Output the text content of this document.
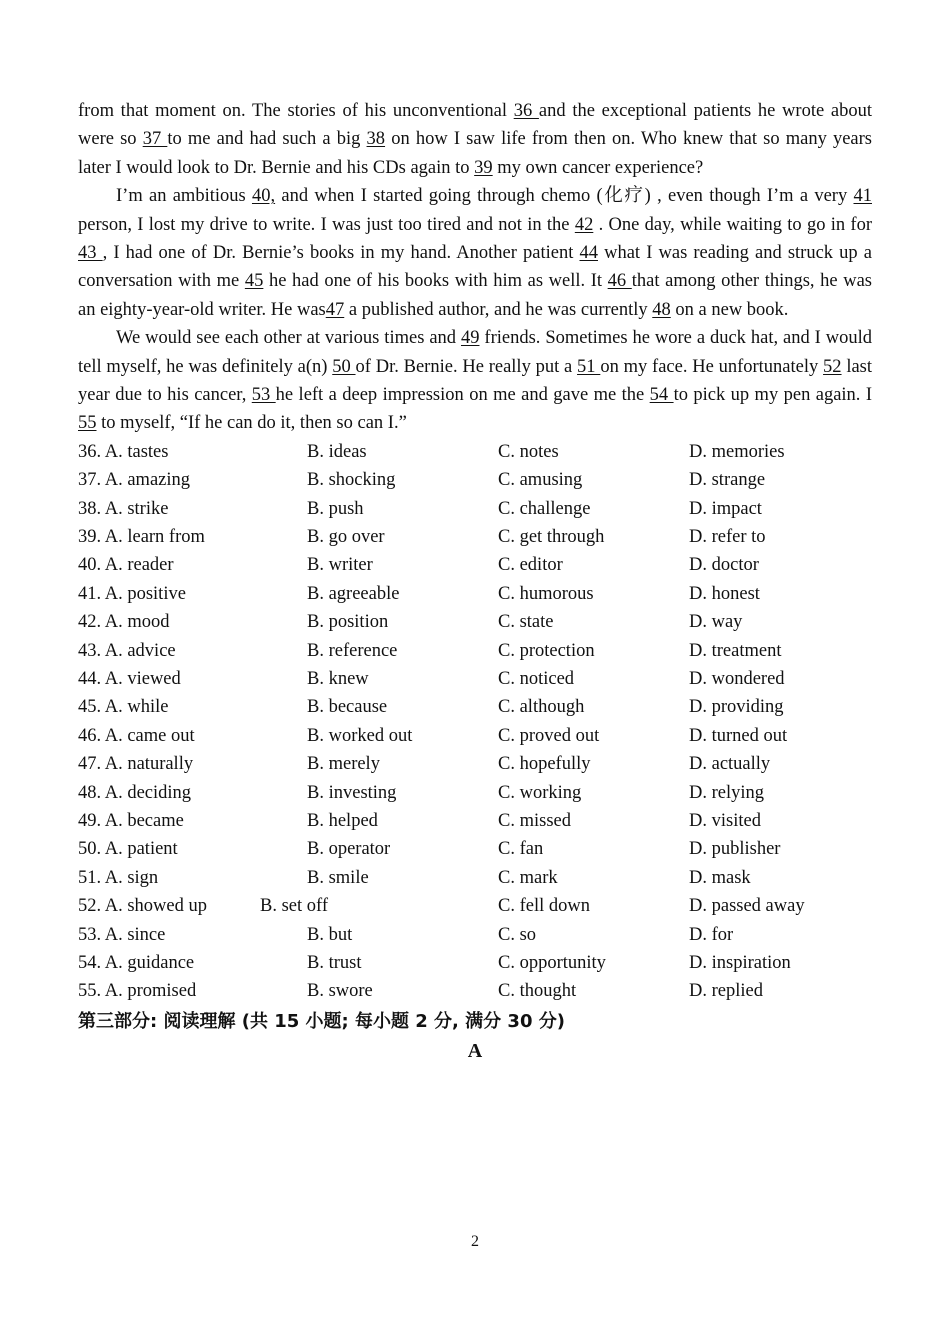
from that moment on. The stories of his unconventional 36 and the exceptional patients he wrote about were so 37 to me and had such a big 38 on how I saw life from then on. Who knew that so many years later I would look to Dr. Bernie and his CDs again to 39 my own cancer experience?

I’m an ambitious 40, and when I started going through chemo (化疗) , even though I’m a very 41 person, I lost my drive to write. I was just too tired and not in the 42 . One day, while waiting to go in for 43 , I had one of Dr. Bernie’s books in my hand. Another patient 44 what I was reading and struck up a conversation with me 45 he had one of his books with him as well. It 46 that among other things, he was an eighty-year-old writer. He was47 a published author, and he was currently 48 on a new book.

We would see each other at various times and 49 friends. Sometimes he wore a duck hat, and I would tell myself, he was definitely a(n) 50 of Dr. Bernie. He really put a 51 on my face. He unfortunately 52 last year due to his cancer, 53 he left a deep impression on me and gave me the 54 to pick up my pen again. I 55 to myself, “If he can do it, then so can I.”

36. A. tastes	B. ideas	C. notes	D. memories
37. A. amazing	B. shocking	C. amusing	D. strange
38. A. strike	B. push	C. challenge	D. impact
39. A. learn from	B. go over	C. get through	D. refer to
40. A. reader	B. writer	C. editor	D. doctor
41. A. positive	B. agreeable	C. humorous	D. honest
42. A. mood	B. position	C. state	D. way
43. A. advice	B. reference	C. protection	D. treatment
44. A. viewed	B. knew	C. noticed	D. wondered
45. A. while	B. because	C. although	D. providing
46. A. came out	B. worked out	C. proved out	D. turned out
47. A. naturally	B. merely	C. hopefully	D. actually
48. A. deciding	B. investing	C. working	D. relying
49. A. became	B. helped	C. missed	D. visited
50. A. patient	B. operator	C. fan	D. publisher
51. A. sign	B. smile	C. mark	D. mask
52. A. showed up	B. set off	C. fell down	D. passed away
53. A. since	B. but	C. so	D. for
54. A. guidance	B. trust	C. opportunity	D. inspiration
55. A. promised	B. swore	C. thought	D. replied
第三部分: 阅读理解 (共 15 小题; 每小题 2 分, 满分 30 分)
A
2
